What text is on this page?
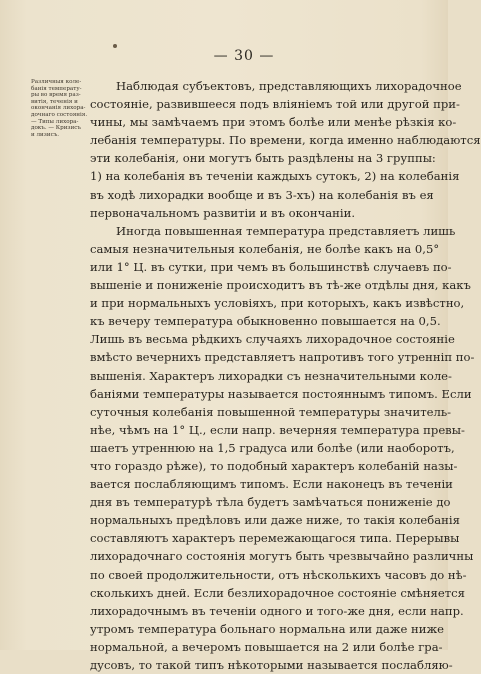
— 30 —
Различныя коле-
банія температу-
ры во время раз-
витія, теченія и
окончанія лихора-
дочнаго состоянія.
— Типы лихора-
докъ. — Кризисъ
и лизисъ.
Наблюдая субъектовъ, представляющихъ лихорадочное
состояніе, развившееся подъ вліяніемъ той или другой при-
чины, мы замѣчаемъ при этомъ болѣе или менѣе рѣзкія ко-
лебанія температуры. По времени, когда именно наблюдаются
эти колебанія, они могутъ быть раздѣлены на 3 группы:
1) на колебанія въ теченіи каждыхъ сутокъ, 2) на колебанія
въ ходѣ лихорадки вообще и въ 3-хъ) на колебанія въ ея
первоначальномъ развитіи и въ окончаніи.
Иногда повышенная температура представляетъ лишь
самыя незначительныя колебанія, не болѣе какъ на 0,5°
или 1° Ц. въ сутки, при чемъ въ большинствѣ случаевъ по-
вышеніе и пониженіе происходитъ въ тѣ-же отдѣлы дня, какъ
и при нормальныхъ условіяхъ, при которыхъ, какъ извѣстно,
къ вечеру температура обыкновенно повышается на 0,5.
Лишь въ весьма рѣдкихъ случаяхъ лихорадочное состояніе
вмѣсто вечернихъ представляетъ напротивъ того утренніп по-
вышенія. Характеръ лихорадки съ незначительными коле-
баніями температуры называется постояннымъ типомъ. Если
суточныя колебанія повышенной температуры значитель-
нѣе, чѣмъ на 1° Ц., если напр. вечерняя температура превы-
шаетъ утреннюю на 1,5 градуса или болѣе (или наоборотъ,
что гораздо рѣже), то подобный характеръ колебаній назы-
вается послабляющимъ типомъ. Если наконецъ въ теченіи
дня въ температурѣ тѣла будетъ замѣчаться пониженіе до
нормальныхъ предѣловъ или даже ниже, то такія колебанія
составляютъ характеръ перемежающагося типа. Перерывы
лихорадочнаго состоянія могутъ быть чрезвычайно различны
по своей продолжительности, отъ нѣсколькихъ часовъ до нѣ-
сколькихъ дней. Если безлихорадочное состояніе смѣняется
лихорадочнымъ въ теченіи одного и того-же дня, если напр.
утромъ температура больнаго нормальна или даже ниже
нормальной, а вечеромъ повышается на 2 или болѣе гра-
дусовъ, то такой типъ нѣкоторыми называется послабляю-
